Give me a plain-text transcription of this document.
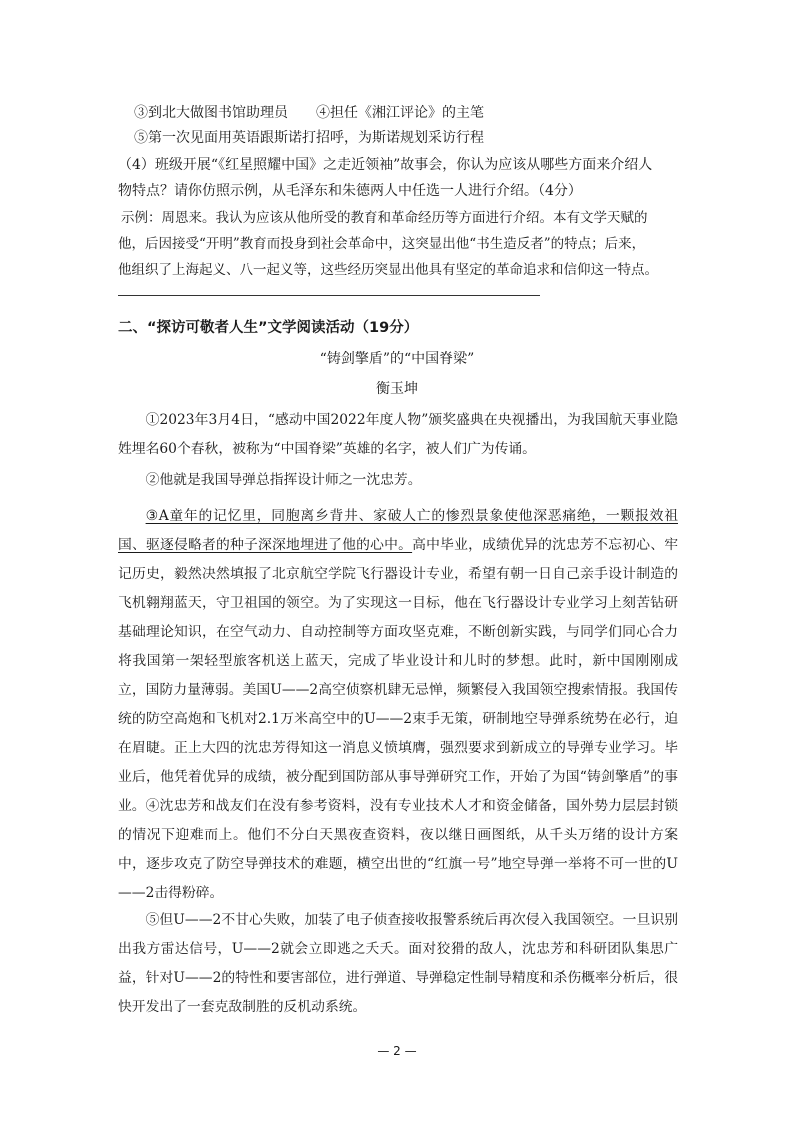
③到北大做图书馆助理员　　④担任《湘江评论》的主笔
⑤第一次见面用英语跟斯诺打招呼，为斯诺规划采访行程
（4）班级开展“《红星照耀中国》之走近领袖”故事会，你认为应该从哪些方面来介绍人
物特点？请你仿照示例，从毛泽东和朱德两人中任选一人进行介绍。（4分）
示例：周恩来。我认为应该从他所受的教育和革命经历等方面进行介绍。本有文学天赋的
他，后因接受“开明”教育而投身到社会革命中，这突显出他“书生造反者”的特点；后来，
他组织了上海起义、八一起义等，这些经历突显出他具有坚定的革命追求和信仰这一特点。
二、“探访可敬者人生”文学阅读活动（19分）
“铸剑擎盾”的“中国脊梁”
衡玉坤

①2023年3月4日，“感动中国2022年度人物”颁奖盛典在央视播出，为我国航天事业隐姓埋名60个春秋，被称为“中国脊梁”英雄的名字，被人们广为传诵。

②他就是我国导弹总指挥设计师之一沈忠芳。

③A童年的记忆里，同胞离乡背井、家破人亡的惨烈景象使他深恶痛绝，一颗报效祖国、驱逐侵略者的种子深深地埋进了他的心中。高中毕业，成绩优异的沈忠芳不忘初心、牢记历史，毅然决然填报了北京航空学院飞行器设计专业，希望有朝一日自己亲手设计制造的飞机翱翔蓝天，守卫祖国的领空。为了实现这一目标，他在飞行器设计专业学习上刻苦钻研基础理论知识，在空气动力、自动控制等方面攻坚克难，不断创新实践，与同学们同心合力将我国第一架轻型旅客机送上蓝天，完成了毕业设计和儿时的梦想。此时，新中国刚刚成立，国防力量薄弱。美国U——2高空侦察机肆无忌惮，频繁侵入我国领空搜索情报。我国传统的防空高炮和飞机对2.1万米高空中的U——2束手无策，研制地空导弹系统势在必行，迫在眉睫。正上大四的沈忠芳得知这一消息义愤填膺，强烈要求到新成立的导弹专业学习。毕业后，他凭着优异的成绩，被分配到国防部从事导弹研究工作，开始了为国“铸剑擎盾”的事业。 ④沈忠芳和战友们在没有参考资料，没有专业技术人才和资金储备，国外势力层层封锁的情况下迎难而上。他们不分白天黑夜查资料，夜以继日画图纸，从千头万绪的设计方案中，逐步攻克了防空导弹技术的难题，横空出世的“红旗一号”地空导弹一举将不可一世的U——2击得粉碎。

⑤但U——2不甘心失败，加装了电子侦查接收报警系统后再次侵入我国领空。一旦识别出我方雷达信号，U——2就会立即逃之夭夭。面对狡猾的敌人，沈忠芳和科研团队集思广益，针对U——2的特性和要害部位，进行弹道、导弹稳定性制导精度和杀伤概率分析后，很快开发出了一套克敌制胜的反机动系统。

— 2 —
